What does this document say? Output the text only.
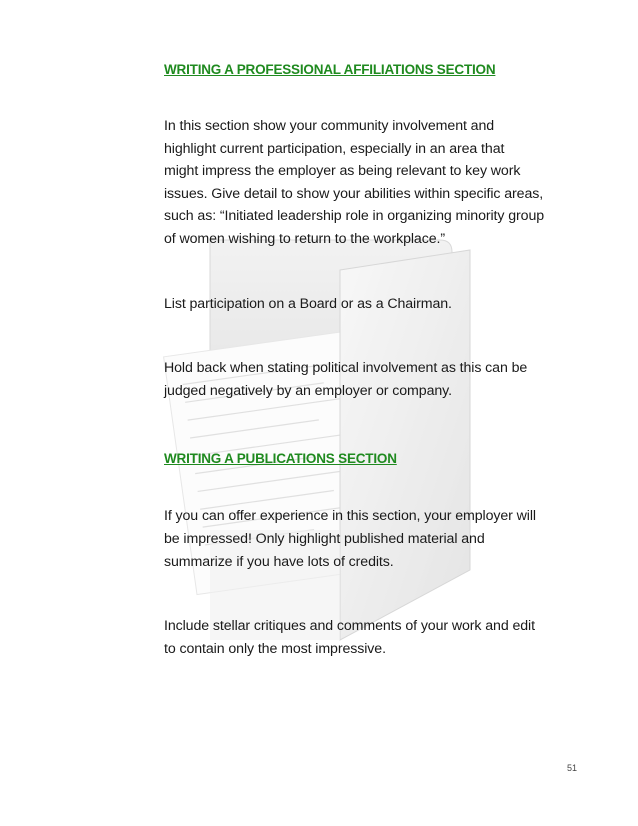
WRITING A PROFESSIONAL AFFILIATIONS SECTION

In this section show your community involvement and
highlight current participation, especially in an area that
might impress the employer as being relevant to key work
issues. Give detail to show your abilities within specific areas,
such as: “Initiated leadership role in organizing minority group
of women wishing to return to the workplace.”

List participation on a Board or as a Chairman.

Hold back when stating political involvement as this can be
judged negatively by an employer or company.

WRITING A PUBLICATIONS SECTION

If you can offer experience in this section, your employer will
be impressed! Only highlight published material and
summarize if you have lots of credits.

Include stellar critiques and comments of your work and edit
to contain only the most impressive.

51
